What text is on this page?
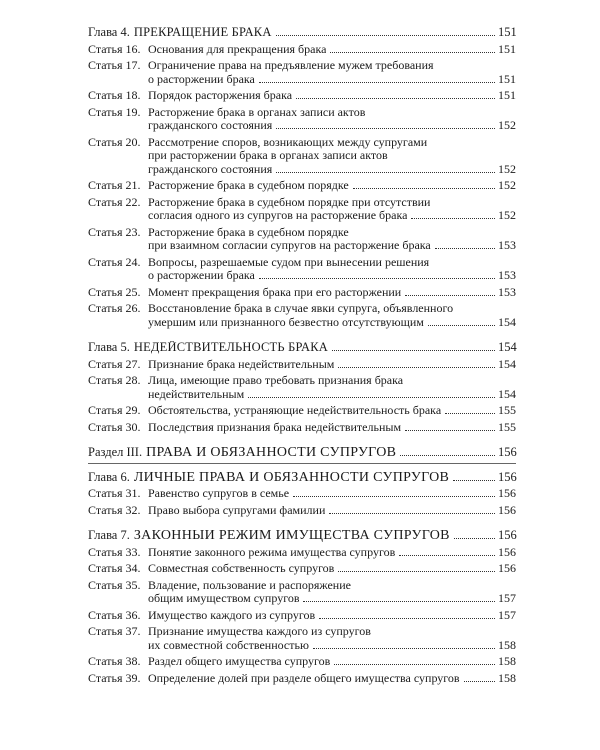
Глава 4. ПРЕКРАЩЕНИЕ БРАКА	151
Статья 16. Основания для прекращения брака	151
Статья 17. Ограничение права на предъявление мужем требования
о расторжении брака	151
Статья 18. Порядок расторжения брака	151
Статья 19. Расторжение брака в органах записи актов
гражданского состояния	152
Статья 20. Рассмотрение споров, возникающих между супругами
при расторжении брака в органах записи актов
гражданского состояния	152
Статья 21. Расторжение брака в судебном порядке	152
Статья 22. Расторжение брака в судебном порядке при отсутствии
согласия одного из супругов на расторжение брака	152
Статья 23. Расторжение брака в судебном порядке
при взаимном согласии супругов на расторжение брака	153
Статья 24. Вопросы, разрешаемые судом при вынесении решения
о расторжении брака	153
Статья 25. Момент прекращения брака при его расторжении	153
Статья 26. Восстановление брака в случае явки супруга, объявленного
умершим или признанного безвестно отсутствующим	154
Глава 5. НЕДЕЙСТВИТЕЛЬНОСТЬ БРАКА	154
Статья 27. Признание брака недействительным	154
Статья 28. Лица, имеющие право требовать признания брака
недействительным	154
Статья 29. Обстоятельства, устраняющие недействительность брака	155
Статья 30. Последствия признания брака недействительным	155
Раздел III. ПРАВА И ОБЯЗАННОСТИ СУПРУГОВ	156
Глава 6. ЛИЧНЫЕ ПРАВА И ОБЯЗАННОСТИ СУПРУГОВ	156
Статья 31. Равенство супругов в семье	156
Статья 32. Право выбора супругами фамилии	156
Глава 7. ЗАКОННЫЙ РЕЖИМ ИМУЩЕСТВА СУПРУГОВ	156
Статья 33. Понятие законного режима имущества супругов	156
Статья 34. Совместная собственность супругов	156
Статья 35. Владение, пользование и распоряжение
общим имуществом супругов	157
Статья 36. Имущество каждого из супругов	157
Статья 37. Признание имущества каждого из супругов
их совместной собственностью	158
Статья 38. Раздел общего имущества супругов	158
Статья 39. Определение долей при разделе общего имущества супругов	158
